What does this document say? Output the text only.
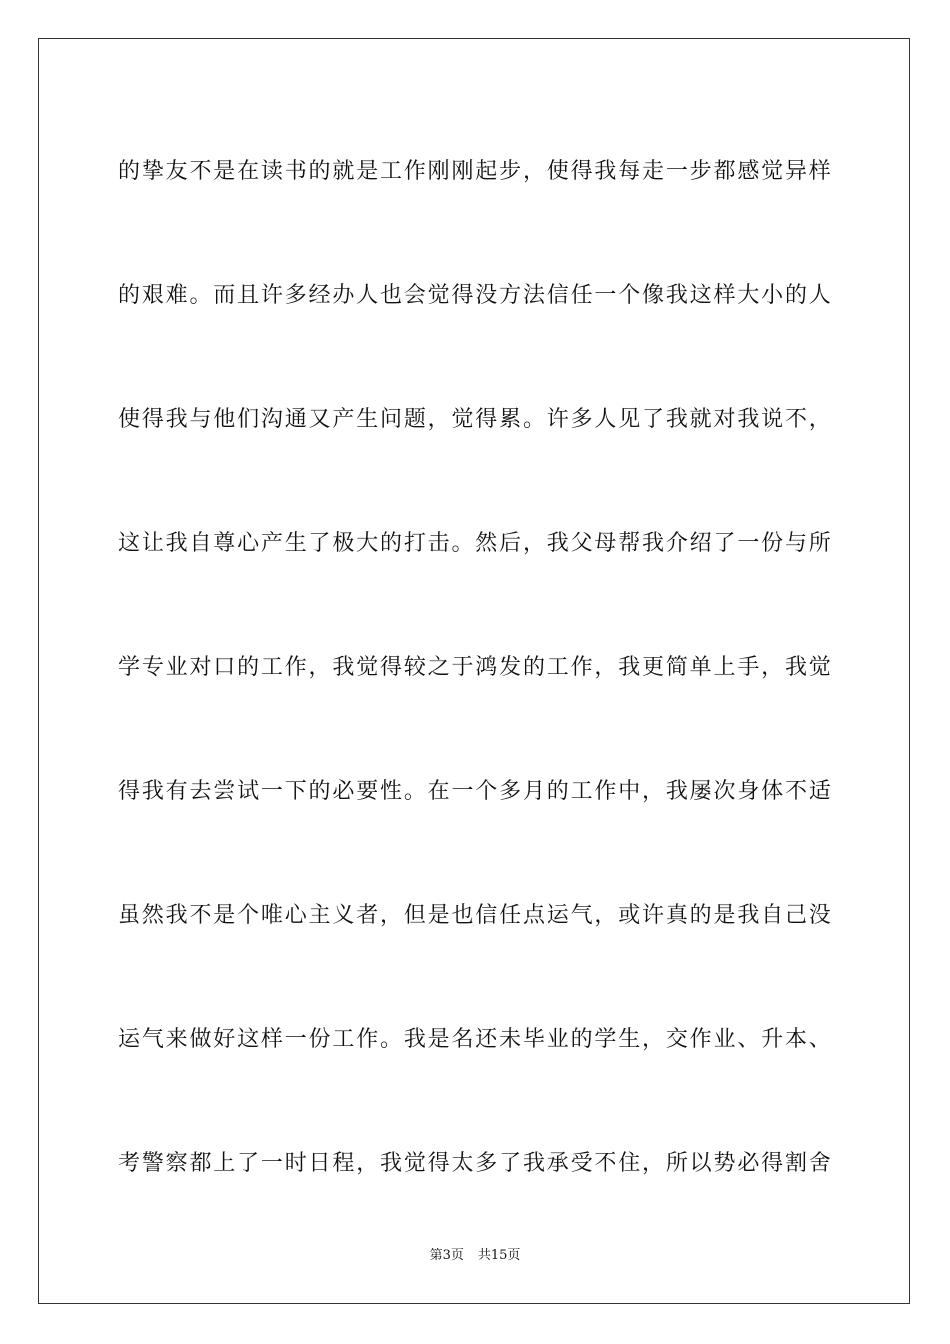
的挚友不是在读书的就是工作刚刚起步，使得我每走一步都感觉异样

的艰难。而且许多经办人也会觉得没方法信任一个像我这样大小的人

使得我与他们沟通又产生问题，觉得累。许多人见了我就对我说不，

这让我自尊心产生了极大的打击。然后，我父母帮我介绍了一份与所

学专业对口的工作，我觉得较之于鸿发的工作，我更简单上手，我觉

得我有去尝试一下的必要性。在一个多月的工作中，我屡次身体不适

虽然我不是个唯心主义者，但是也信任点运气，或许真的是我自己没

运气来做好这样一份工作。我是名还未毕业的学生，交作业、升本、

考警察都上了一时日程，我觉得太多了我承受不住，所以势必得割舍

第3页 共15页
